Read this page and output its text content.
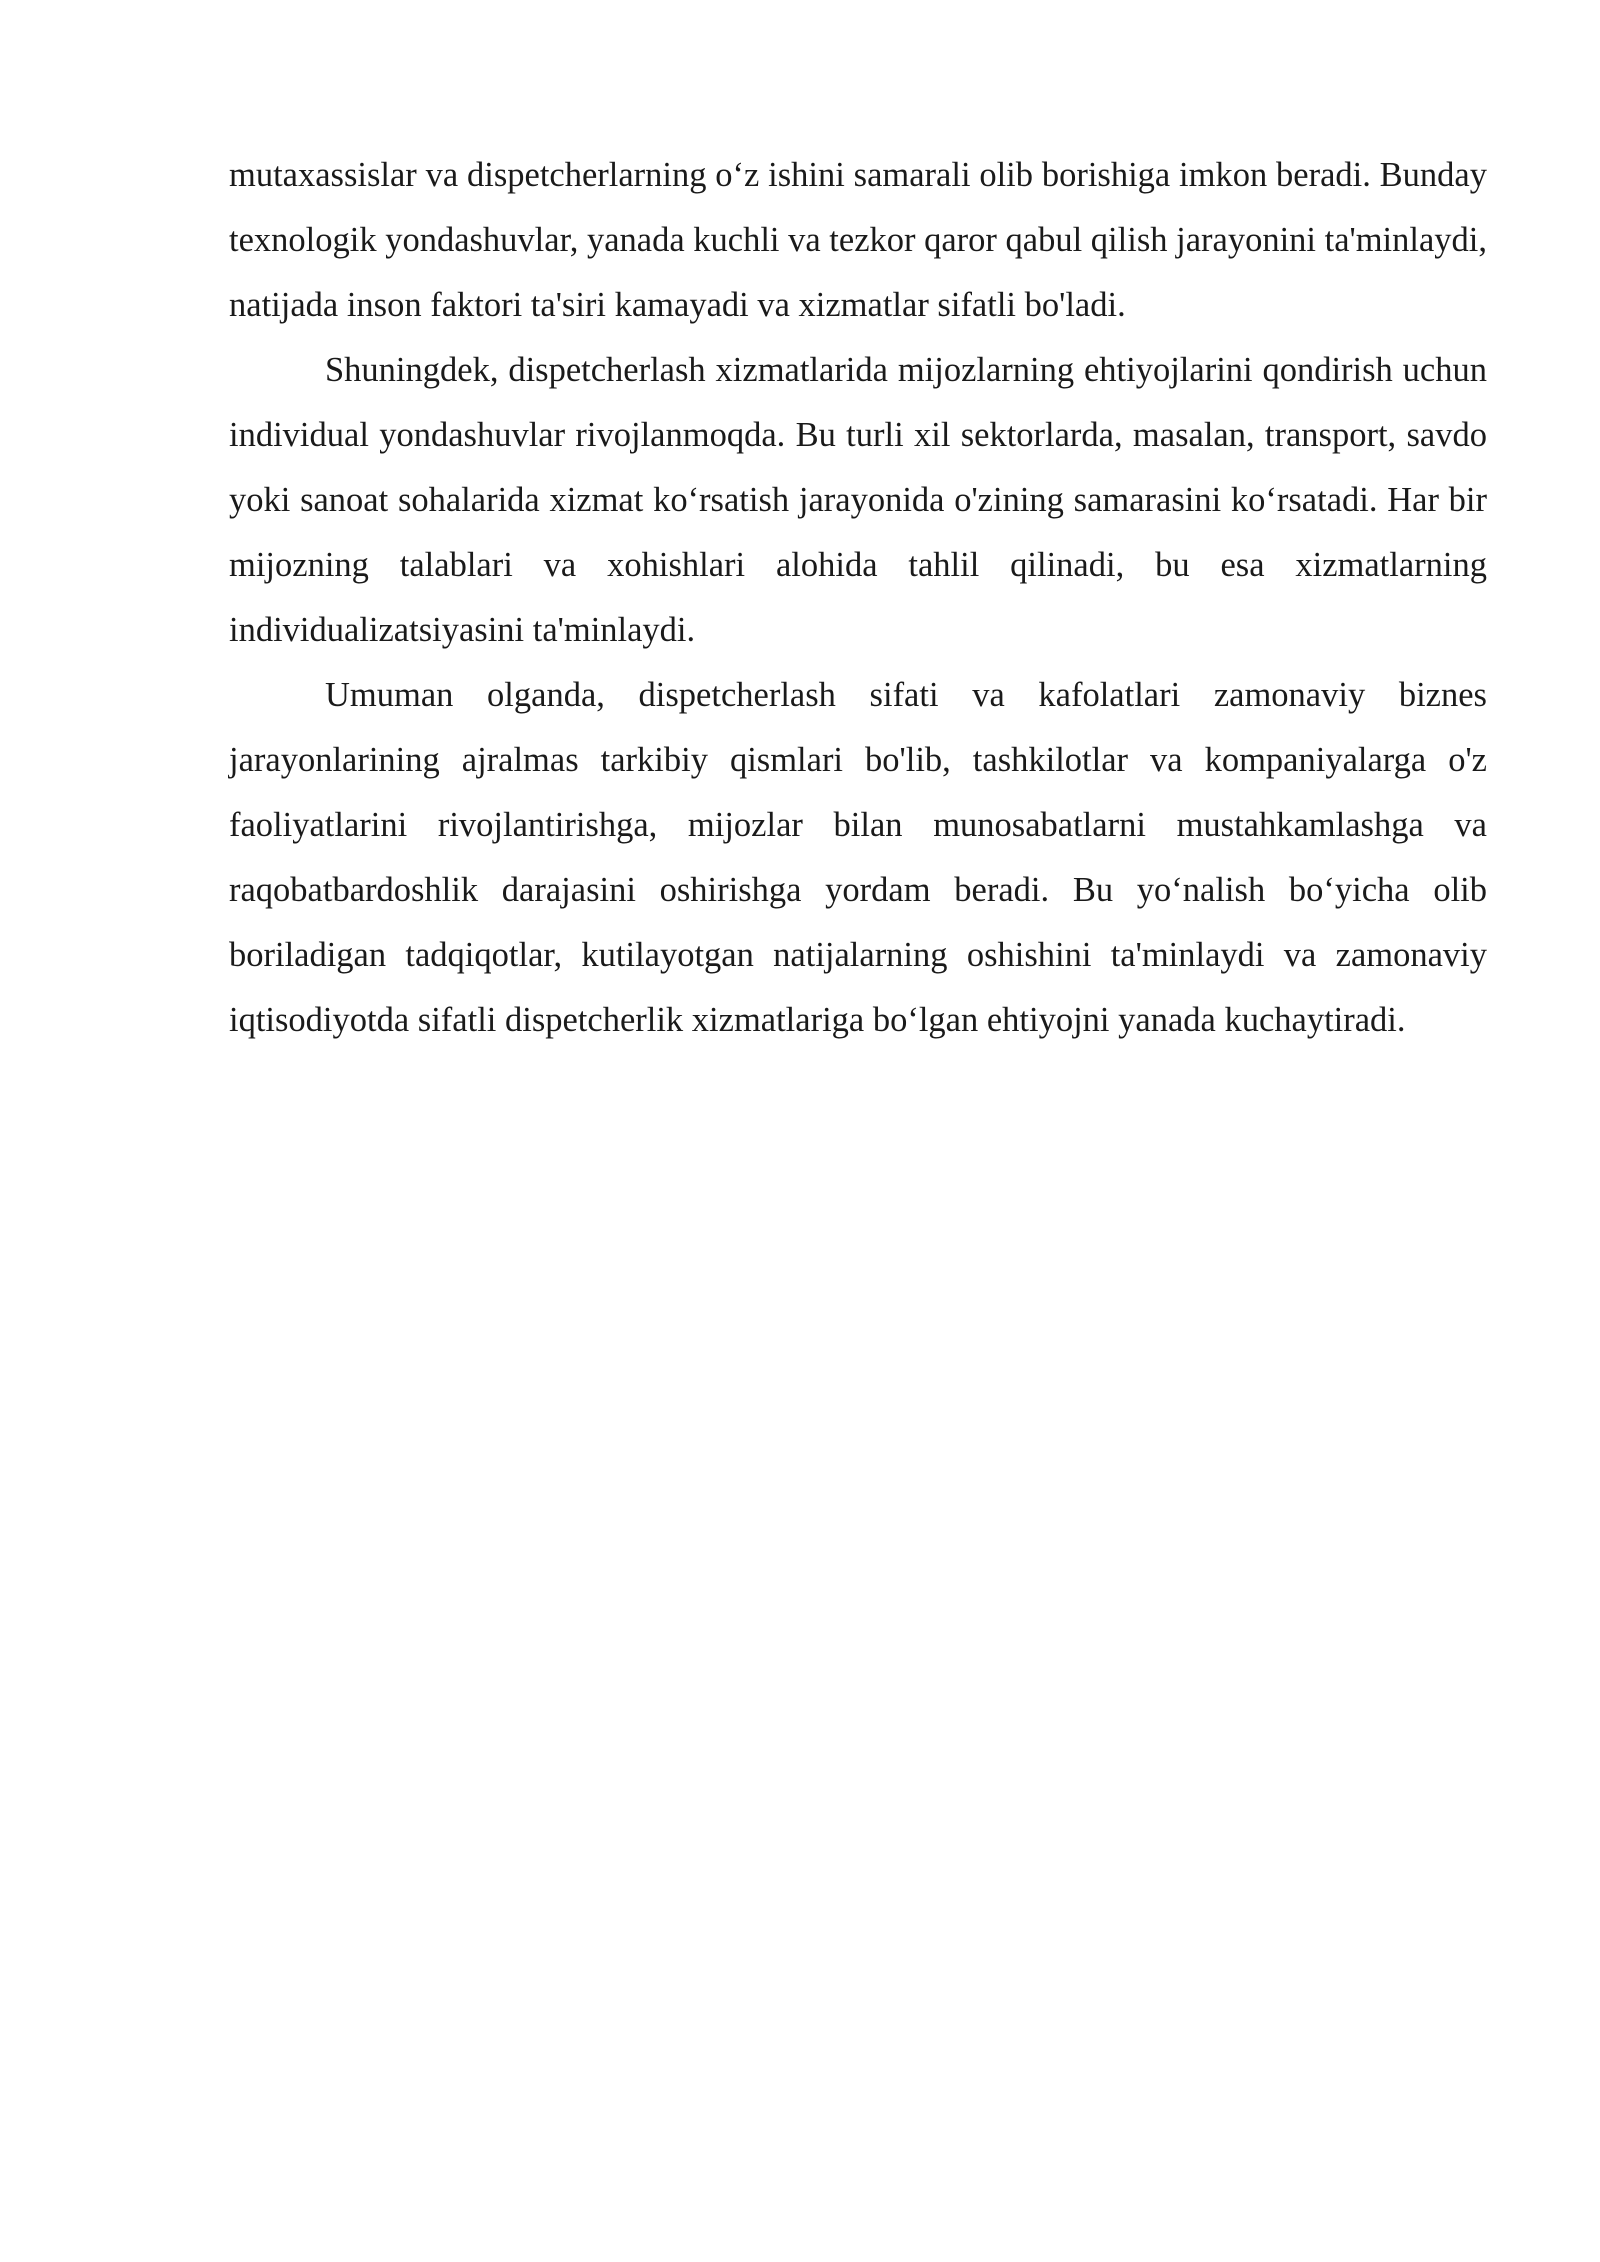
mutaxassislar va dispetcherlarning o‘z ishini samarali olib borishiga imkon beradi. Bunday texnologik yondashuvlar, yanada kuchli va tezkor qaror qabul qilish jarayonini ta'minlaydi, natijada inson faktori ta'siri kamayadi va xizmatlar sifatli bo'ladi.

Shuningdek, dispetcherlash xizmatlarida mijozlarning ehtiyojlarini qondirish uchun individual yondashuvlar rivojlanmoqda. Bu turli xil sektorlarda, masalan, transport, savdo yoki sanoat sohalarida xizmat ko‘rsatish jarayonida o'zining samarasini ko‘rsatadi. Har bir mijozning talablari va xohishlari alohida tahlil qilinadi, bu esa xizmatlarning individualizatsiyasini ta'minlaydi.

Umuman olganda, dispetcherlash sifati va kafolatlari zamonaviy biznes jarayonlarining ajralmas tarkibiy qismlari bo'lib, tashkilotlar va kompaniyalarga o'z faoliyatlarini rivojlantirishga, mijozlar bilan munosabatlarni mustahkamlashga va raqobatbardoshlik darajasini oshirishga yordam beradi. Bu yo‘nalish bo‘yicha olib boriladigan tadqiqotlar, kutilayotgan natijalarning oshishini ta'minlaydi va zamonaviy iqtisodiyotda sifatli dispetcherlik xizmatlariga bo‘lgan ehtiyojni yanada kuchaytiradi.
